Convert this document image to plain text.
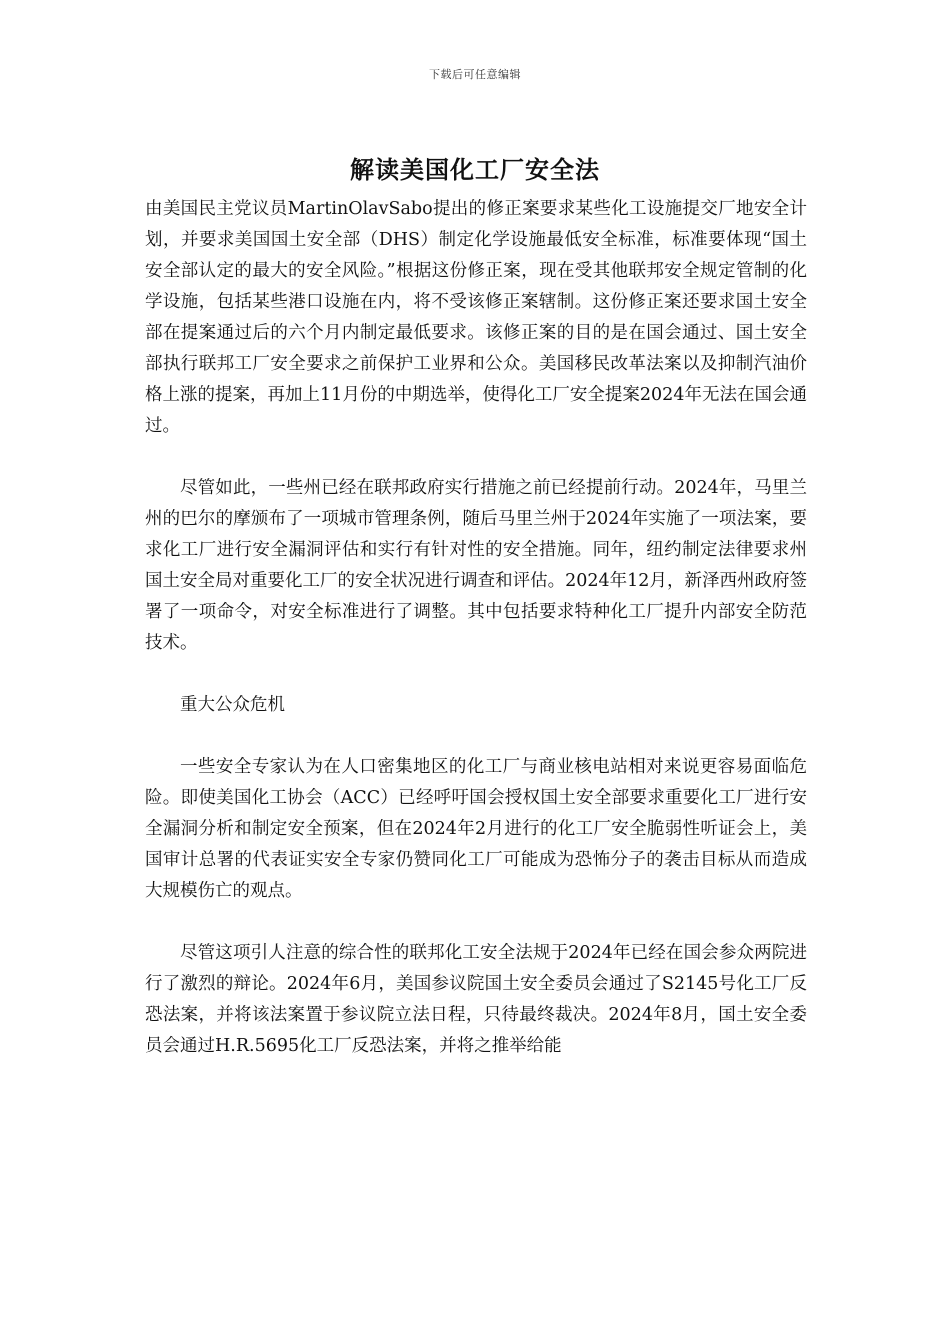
下载后可任意编辑
解读美国化工厂安全法

由美国民主党议员MartinOlavSabo提出的修正案要求某些化工设施提交厂地安全计划，并要求美国国土安全部（DHS）制定化学设施最低安全标准，标准要体现“国土安全部认定的最大的安全风险。”根据这份修正案，现在受其他联邦安全规定管制的化学设施，包括某些港口设施在内，将不受该修正案辖制。这份修正案还要求国土安全部在提案通过后的六个月内制定最低要求。该修正案的目的是在国会通过、国土安全部执行联邦工厂安全要求之前保护工业界和公众。美国移民改革法案以及抑制汽油价格上涨的提案，再加上11月份的中期选举，使得化工厂安全提案2024年无法在国会通过。

尽管如此，一些州已经在联邦政府实行措施之前已经提前行动。2024年，马里兰州的巴尔的摩颁布了一项城市管理条例，随后马里兰州于2024年实施了一项法案，要求化工厂进行安全漏洞评估和实行有针对性的安全措施。同年，纽约制定法律要求州国土安全局对重要化工厂的安全状况进行调查和评估。2024年12月，新泽西州政府签署了一项命令，对安全标准进行了调整。其中包括要求特种化工厂提升内部安全防范技术。

重大公众危机

一些安全专家认为在人口密集地区的化工厂与商业核电站相对来说更容易面临危险。即使美国化工协会（ACC）已经呼吁国会授权国土安全部要求重要化工厂进行安全漏洞分析和制定安全预案，但在2024年2月进行的化工厂安全脆弱性听证会上，美国审计总署的代表证实安全专家仍赞同化工厂可能成为恐怖分子的袭击目标从而造成大规模伤亡的观点。

尽管这项引人注意的综合性的联邦化工安全法规于2024年已经在国会参众两院进行了激烈的辩论。2024年6月，美国参议院国土安全委员会通过了S2145号化工厂反恐法案，并将该法案置于参议院立法日程，只待最终裁决。2024年8月，国土安全委员会通过H.R.5695化工厂反恐法案，并将之推举给能
